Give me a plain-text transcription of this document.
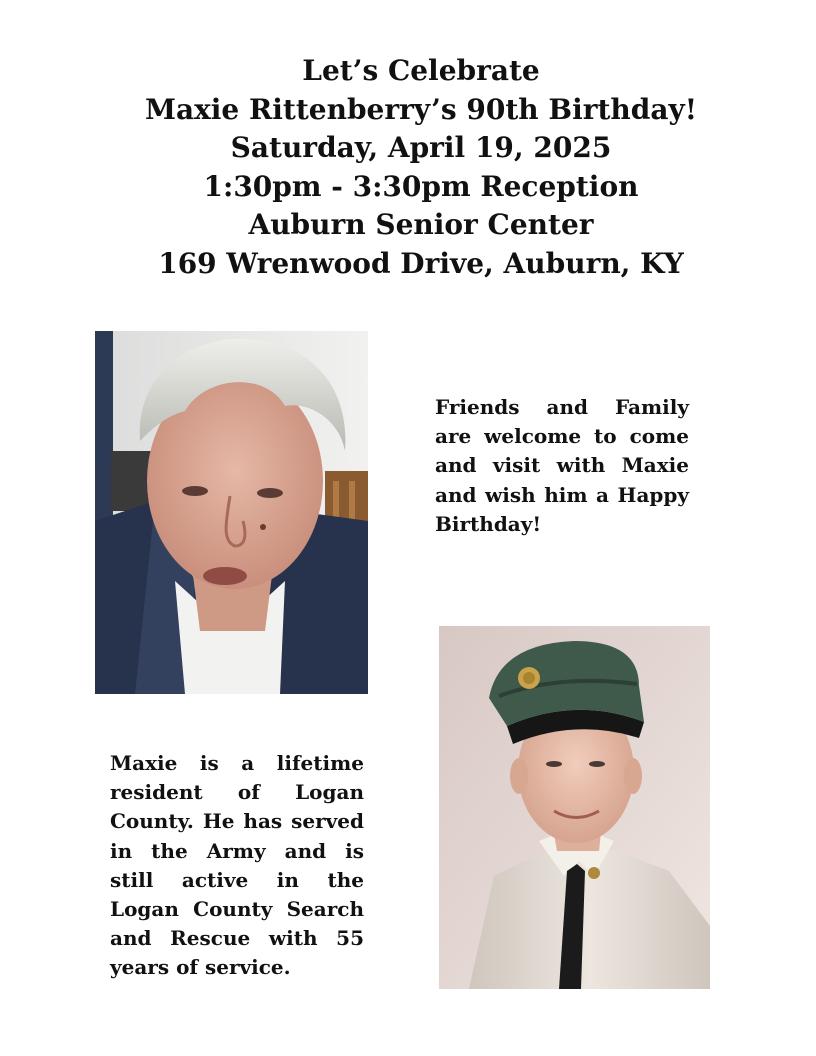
Let’s Celebrate
Maxie Rittenberry’s 90th Birthday!
Saturday, April 19, 2025
1:30pm - 3:30pm Reception
Auburn Senior Center
169 Wrenwood Drive, Auburn, KY

Friends and Family are welcome to come and visit with Maxie and wish him a Happy Birthday!

Maxie is a lifetime resident of Logan County. He has served in the Army and is still active in the Logan County Search and Rescue with 55 years of service.
